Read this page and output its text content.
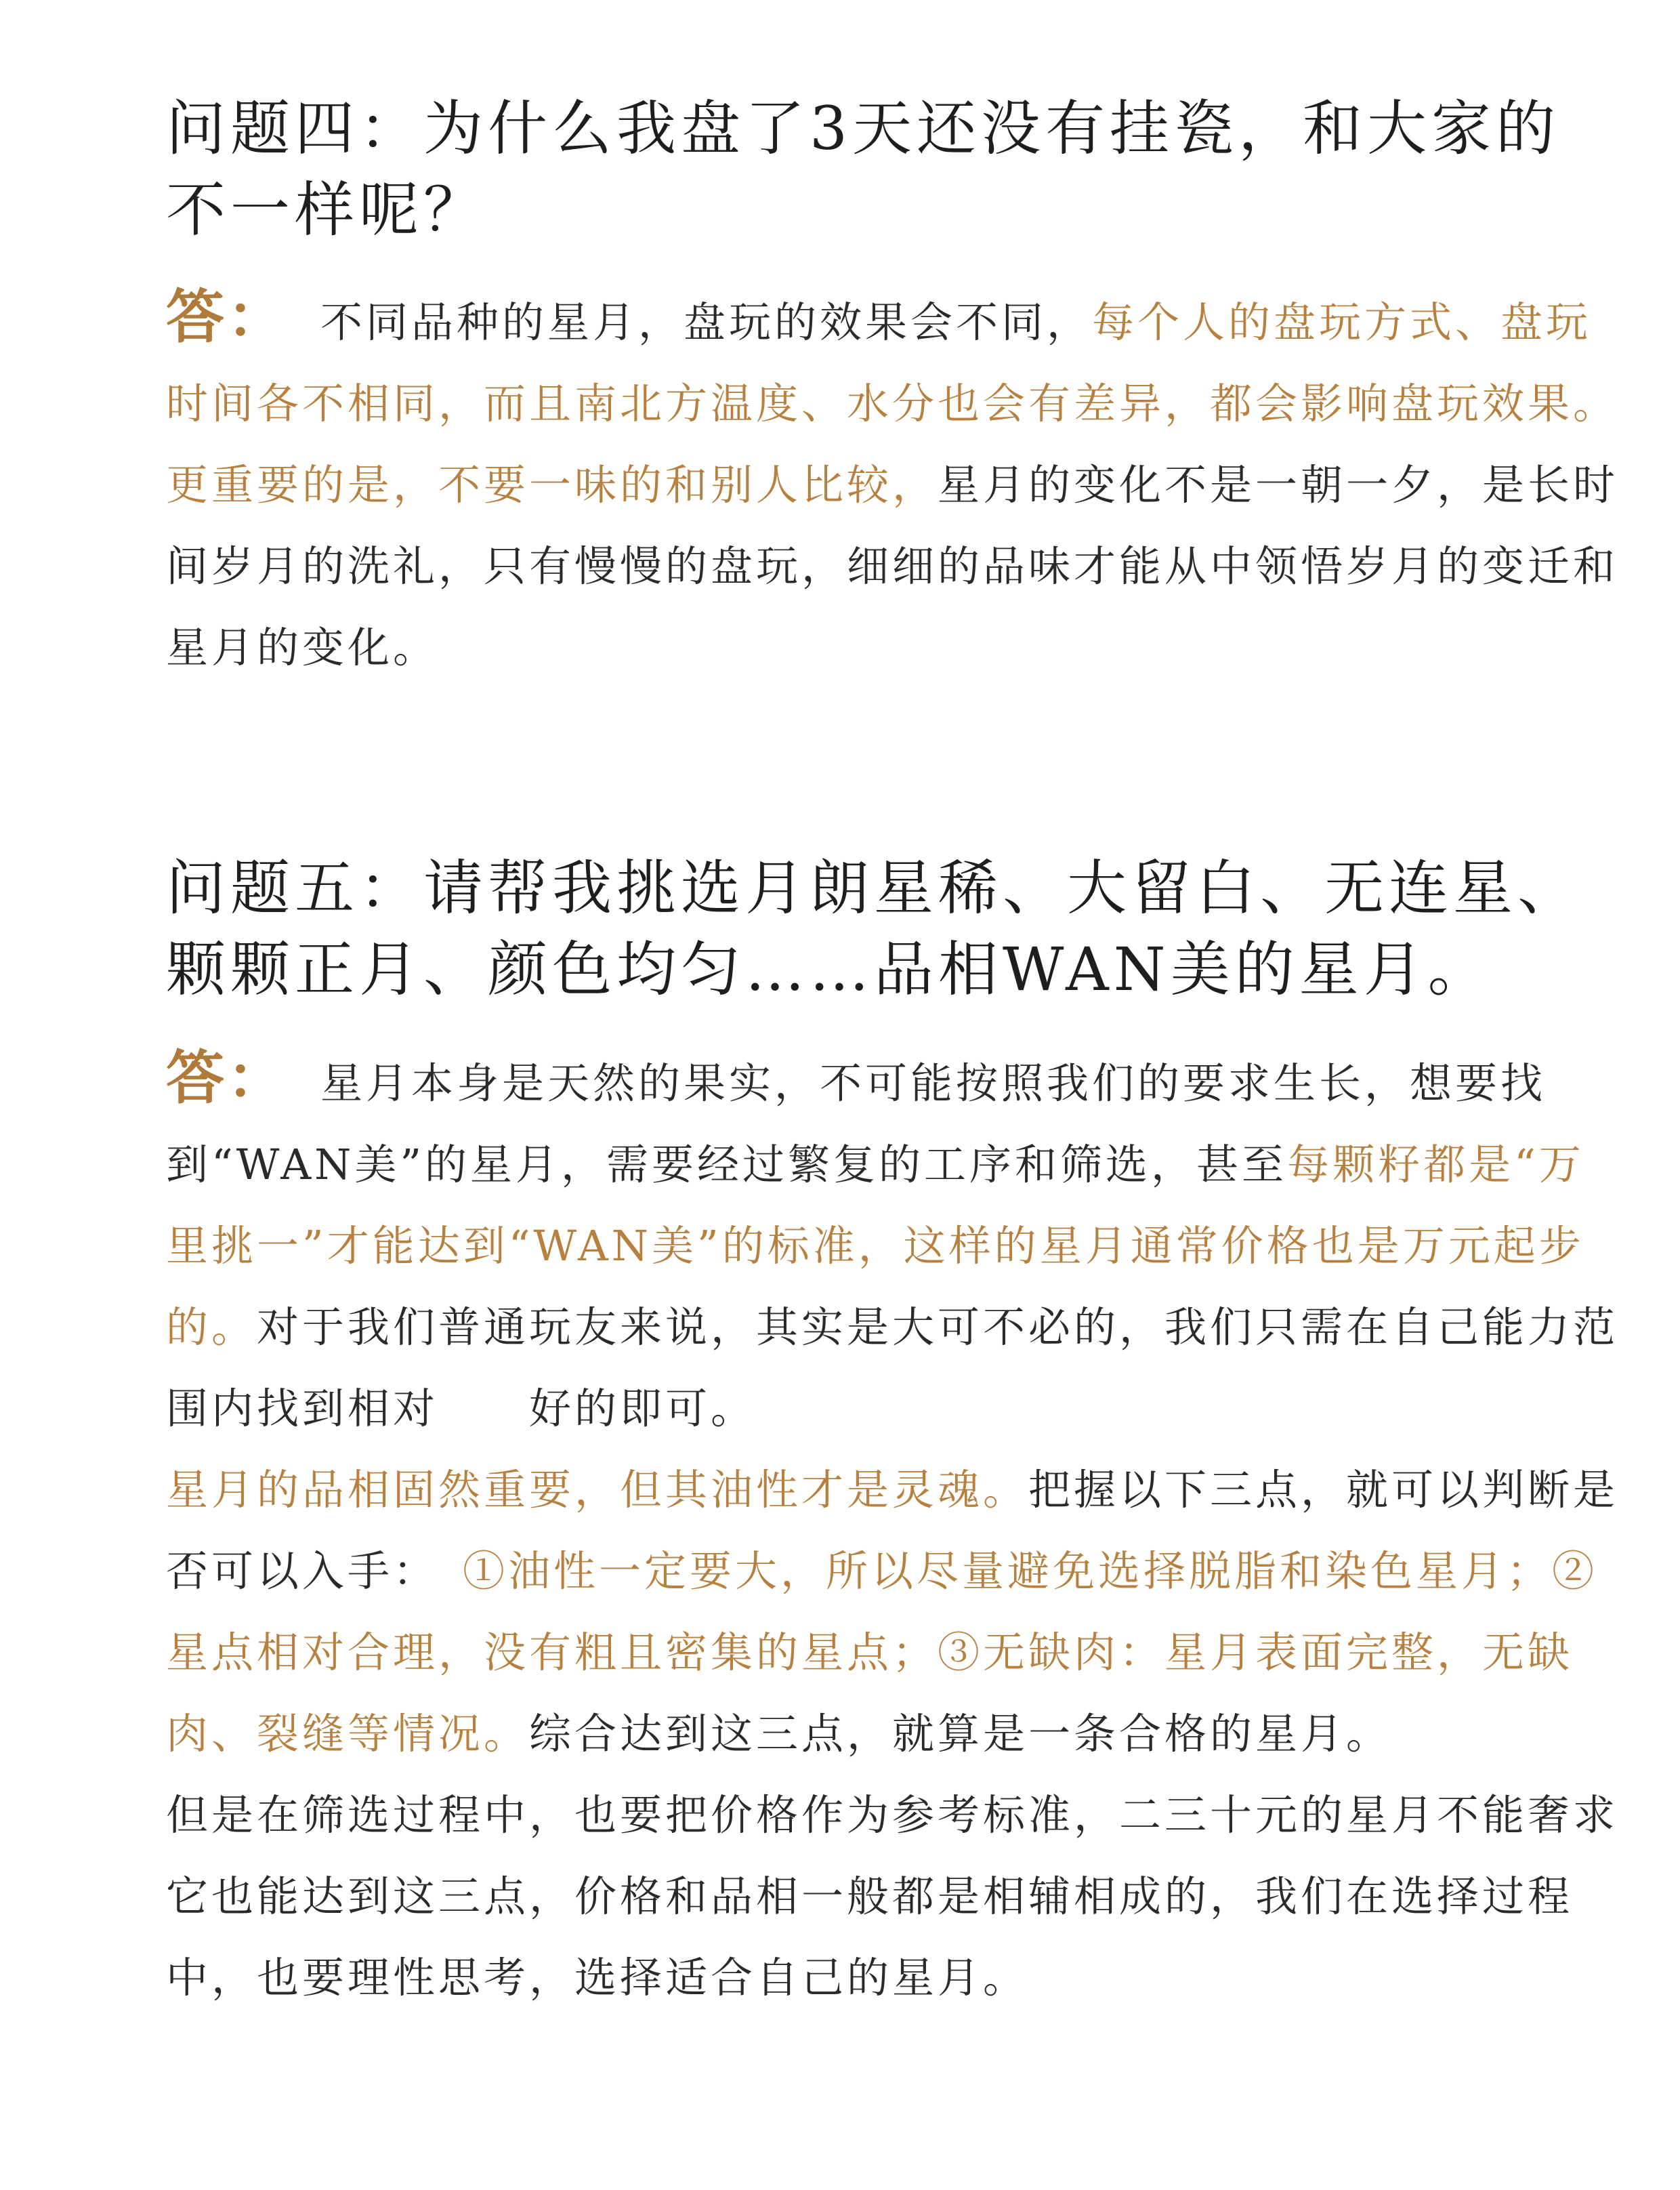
问题四：为什么我盘了3天还没有挂瓷，和大家的不一样呢？

答： 不同品种的星月，盘玩的效果会不同，每个人的盘玩方式、盘玩时间各不相同，而且南北方温度、水分也会有差异，都会影响盘玩效果。更重要的是，不要一味的和别人比较，星月的变化不是一朝一夕，是长时间岁月的洗礼，只有慢慢的盘玩，细细的品味才能从中领悟岁月的变迁和星月的变化。

问题五：请帮我挑选月朗星稀、大留白、无连星、颗颗正月、颜色均匀……品相WAN美的星月。

答： 星月本身是天然的果实，不可能按照我们的要求生长，想要找到“WAN美”的星月，需要经过繁复的工序和筛选，甚至每颗籽都是“万里挑一”才能达到“WAN美”的标准，这样的星月通常价格也是万元起步的。对于我们普通玩友来说，其实是大可不必的，我们只需在自己能力范围内找到相对　　好的即可。

星月的品相固然重要，但其油性才是灵魂。把握以下三点，就可以判断是否可以入手：　①油性一定要大，所以尽量避免选择脱脂和染色星月；②星点相对合理，没有粗且密集的星点；③无缺肉：星月表面完整，无缺肉、裂缝等情况。综合达到这三点，就算是一条合格的星月。

但是在筛选过程中，也要把价格作为参考标准，二三十元的星月不能奢求它也能达到这三点，价格和品相一般都是相辅相成的，我们在选择过程中，也要理性思考，选择适合自己的星月。
